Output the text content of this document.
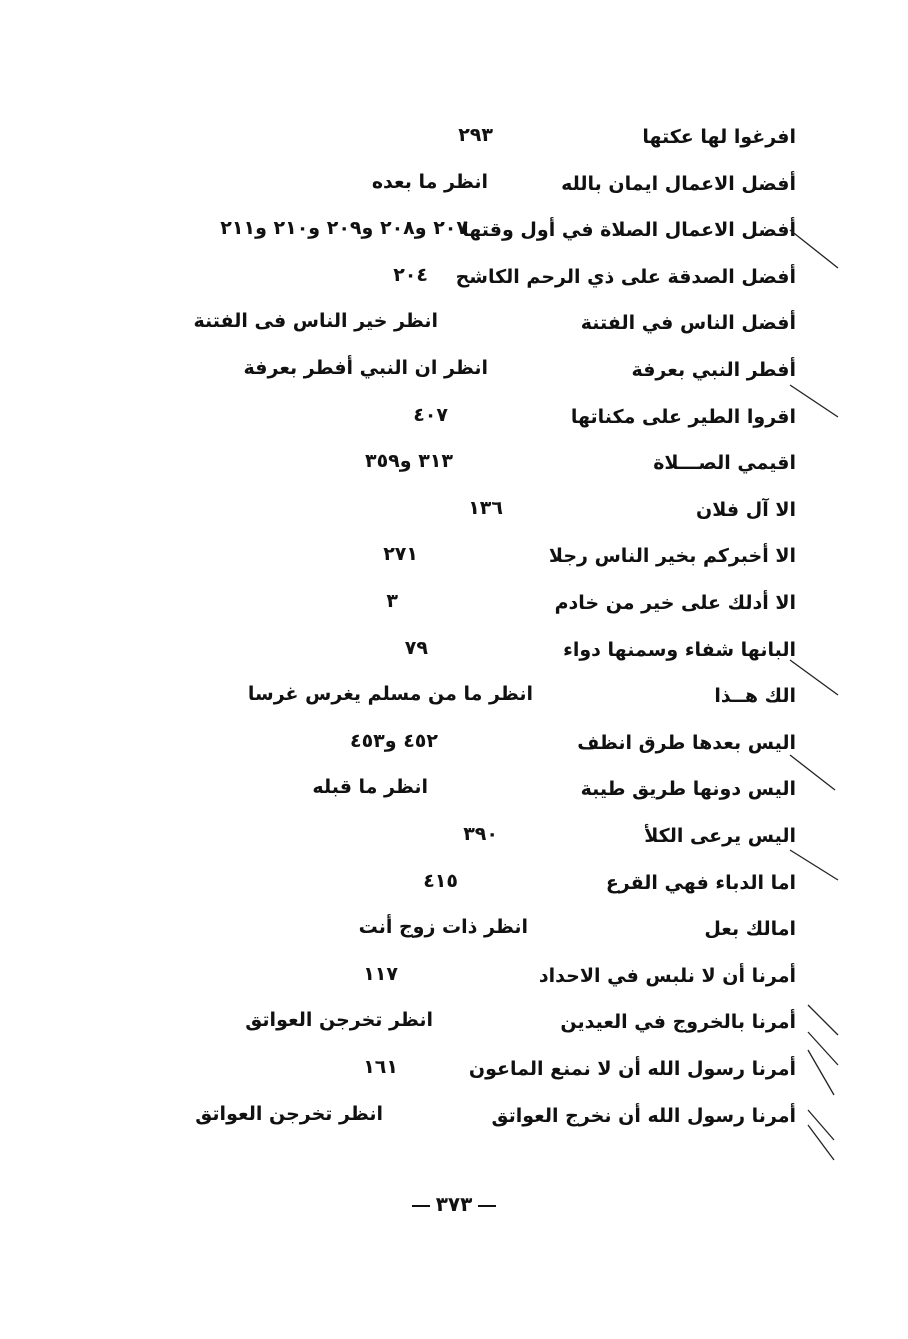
افرغوا لها عكتها
٢٩٣
أفضل الاعمال ايمان بالله
انظر ما بعده
أفضل الاعمال الصلاة في أول وقتها
٢٠٧ و٢٠٨ و٢٠٩ و٢١٠ و٢١١
أفضل الصدقة على ذي الرحم الكاشح
٢٠٤
أفضل الناس في الفتنة
انظر خير الناس فى الفتنة
أفطر النبي بعرفة
انظر ان النبي أفطر بعرفة
اقروا الطير على مكناتها
٤٠٧
اقيمي الصـــلاة
٣١٣ و٣٥٩
الا آل فلان
١٣٦
الا أخبركم بخير الناس رجلا
٢٧١
الا أدلك على خير من خادم
٣
البانها شفاء وسمنها دواء
٧٩
الك هــذا
انظر ما من مسلم يغرس غرسا
اليس بعدها طرق انظف
٤٥٢ و٤٥٣
اليس دونها طريق طيبة
انظر ما قبله
اليس يرعى الكلأ
٣٩٠
اما الدباء فهي القرع
٤١٥
امالك بعل
انظر ذات زوج أنت
أمرنا أن لا نلبس في الاحداد
١١٧
أمرنا بالخروج في العيدين
انظر تخرجن العواتق
أمرنا رسول الله أن لا نمنع الماعون
١٦١
أمرنا رسول الله أن نخرج العواتق
انظر تخرجن العواتق
٣٧٣
